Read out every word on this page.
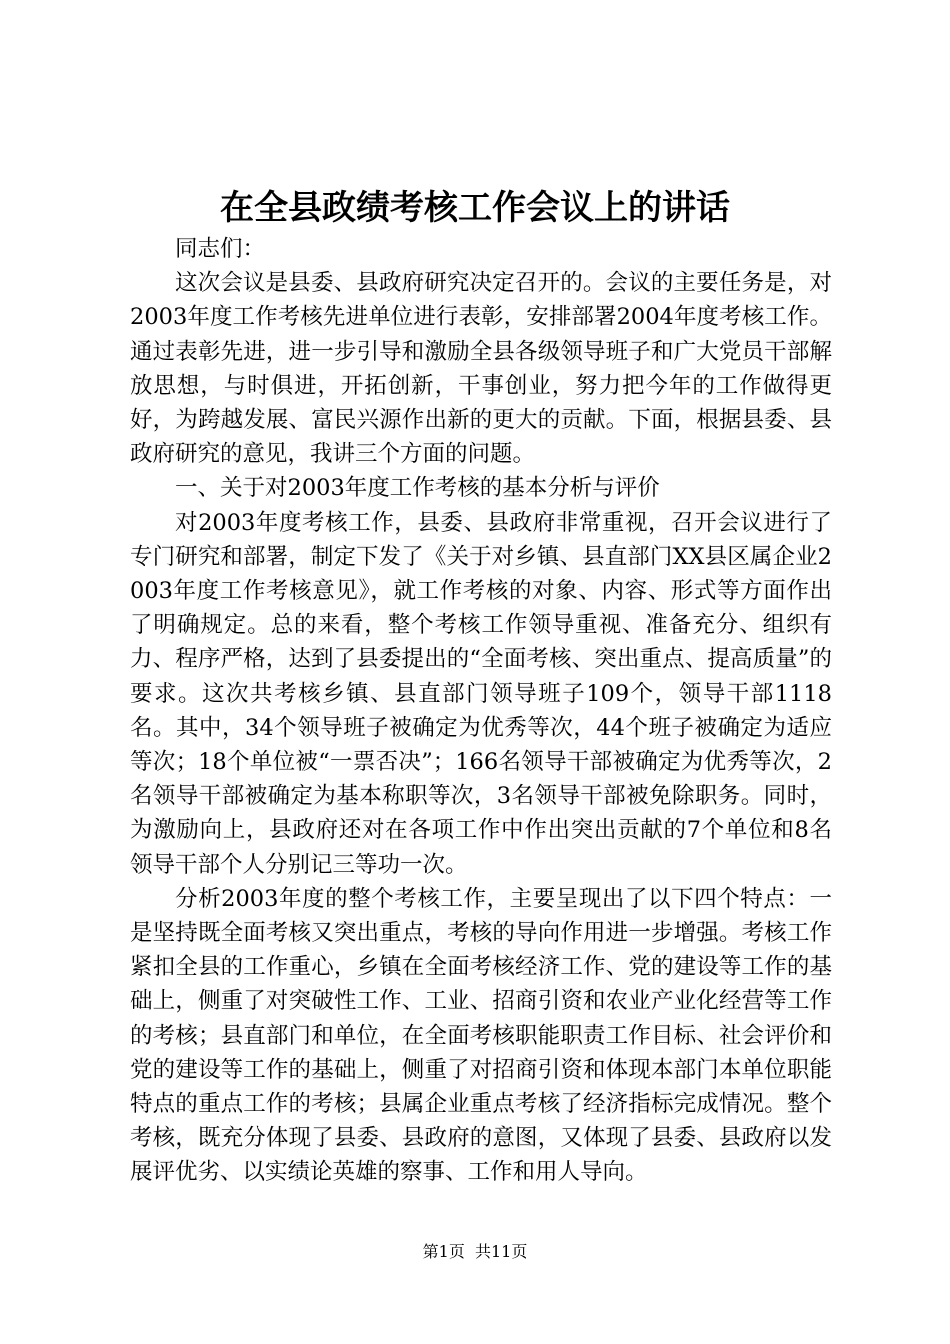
在全县政绩考核工作会议上的讲话

同志们：

这次会议是县委、县政府研究决定召开的。会议的主要任务是，对2003年度工作考核先进单位进行表彰，安排部署2004年度考核工作。通过表彰先进，进一步引导和激励全县各级领导班子和广大党员干部解放思想，与时俱进，开拓创新，干事创业，努力把今年的工作做得更好，为跨越发展、富民兴源作出新的更大的贡献。下面，根据县委、县政府研究的意见，我讲三个方面的问题。

一、关于对2003年度工作考核的基本分析与评价

对2003年度考核工作，县委、县政府非常重视，召开会议进行了专门研究和部署，制定下发了《关于对乡镇、县直部门XX县区属企业2003年度工作考核意见》，就工作考核的对象、内容、形式等方面作出了明确规定。总的来看，整个考核工作领导重视、准备充分、组织有力、程序严格，达到了县委提出的“全面考核、突出重点、提高质量”的要求。这次共考核乡镇、县直部门领导班子109个，领导干部1118名。其中，34个领导班子被确定为优秀等次，44个班子被确定为适应等次；18个单位被“一票否决”；166名领导干部被确定为优秀等次，2名领导干部被确定为基本称职等次，3名领导干部被免除职务。同时，为激励向上，县政府还对在各项工作中作出突出贡献的7个单位和8名领导干部个人分别记三等功一次。

分析2003年度的整个考核工作，主要呈现出了以下四个特点：一是坚持既全面考核又突出重点，考核的导向作用进一步增强。考核工作紧扣全县的工作重心，乡镇在全面考核经济工作、党的建设等工作的基础上，侧重了对突破性工作、工业、招商引资和农业产业化经营等工作的考核；县直部门和单位，在全面考核职能职责工作目标、社会评价和党的建设等工作的基础上，侧重了对招商引资和体现本部门本单位职能特点的重点工作的考核；县属企业重点考核了经济指标完成情况。整个考核，既充分体现了县委、县政府的意图，又体现了县委、县政府以发展评优劣、以实绩论英雄的察事、工作和用人导向。

第1页  共11页
